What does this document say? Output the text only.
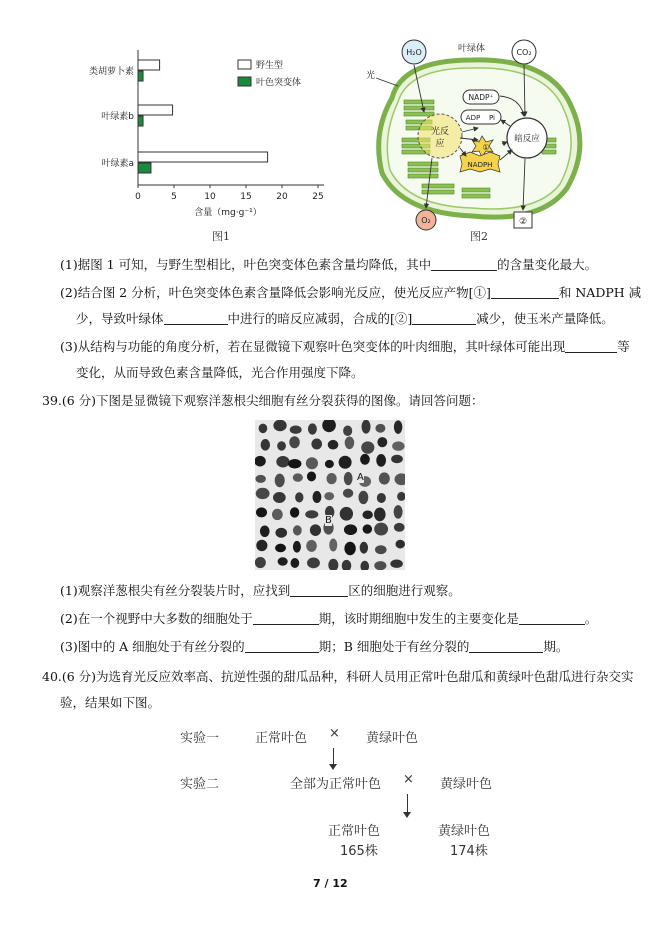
0	5	10	15	20	25
含量（mg·g⁻¹）
类胡萝卜素
叶绿素b
叶绿素a
野生型
叶色突变体
图1
叶绿体
光
H₂O	CO₂
O₂
NADP⁺
ADP Pi
光反
应	暗反应
①
NADPH
②
图2
(1)据图 1 可知，与野生型相比，叶色突变体色素含量均降低，其中	的含量变化最大。
(2)结合图 2 分析，叶色突变体色素含量降低会影响光反应，使光反应产物[①]	和 NADPH 减
少，导致叶绿体	中进行的暗反应减弱，合成的[②]	减少，使玉米产量降低。
(3)从结构与功能的角度分析，若在显微镜下观察叶色突变体的叶肉细胞，其叶绿体可能出现	等
变化，从而导致色素含量降低，光合作用强度下降。
39.(6 分)下图是显微镜下观察洋葱根尖细胞有丝分裂获得的图像。请回答问题：
A
B
(1)观察洋葱根尖有丝分裂装片时，应找到	区的细胞进行观察。
(2)在一个视野中大多数的细胞处于	期，该时期细胞中发生的主要变化是	。
(3)图中的 A 细胞处于有丝分裂的	期；B 细胞处于有丝分裂的	期。
40.(6 分)为选育光反应效率高、抗逆性强的甜瓜品种，科研人员用正常叶色甜瓜和黄绿叶色甜瓜进行杂交实
验，结果如下图。
实验一	正常叶色 × 黄绿叶色
实验二	全部为正常叶色 × 黄绿叶色
正常叶色
165株
黄绿叶色
174株
7 / 12
